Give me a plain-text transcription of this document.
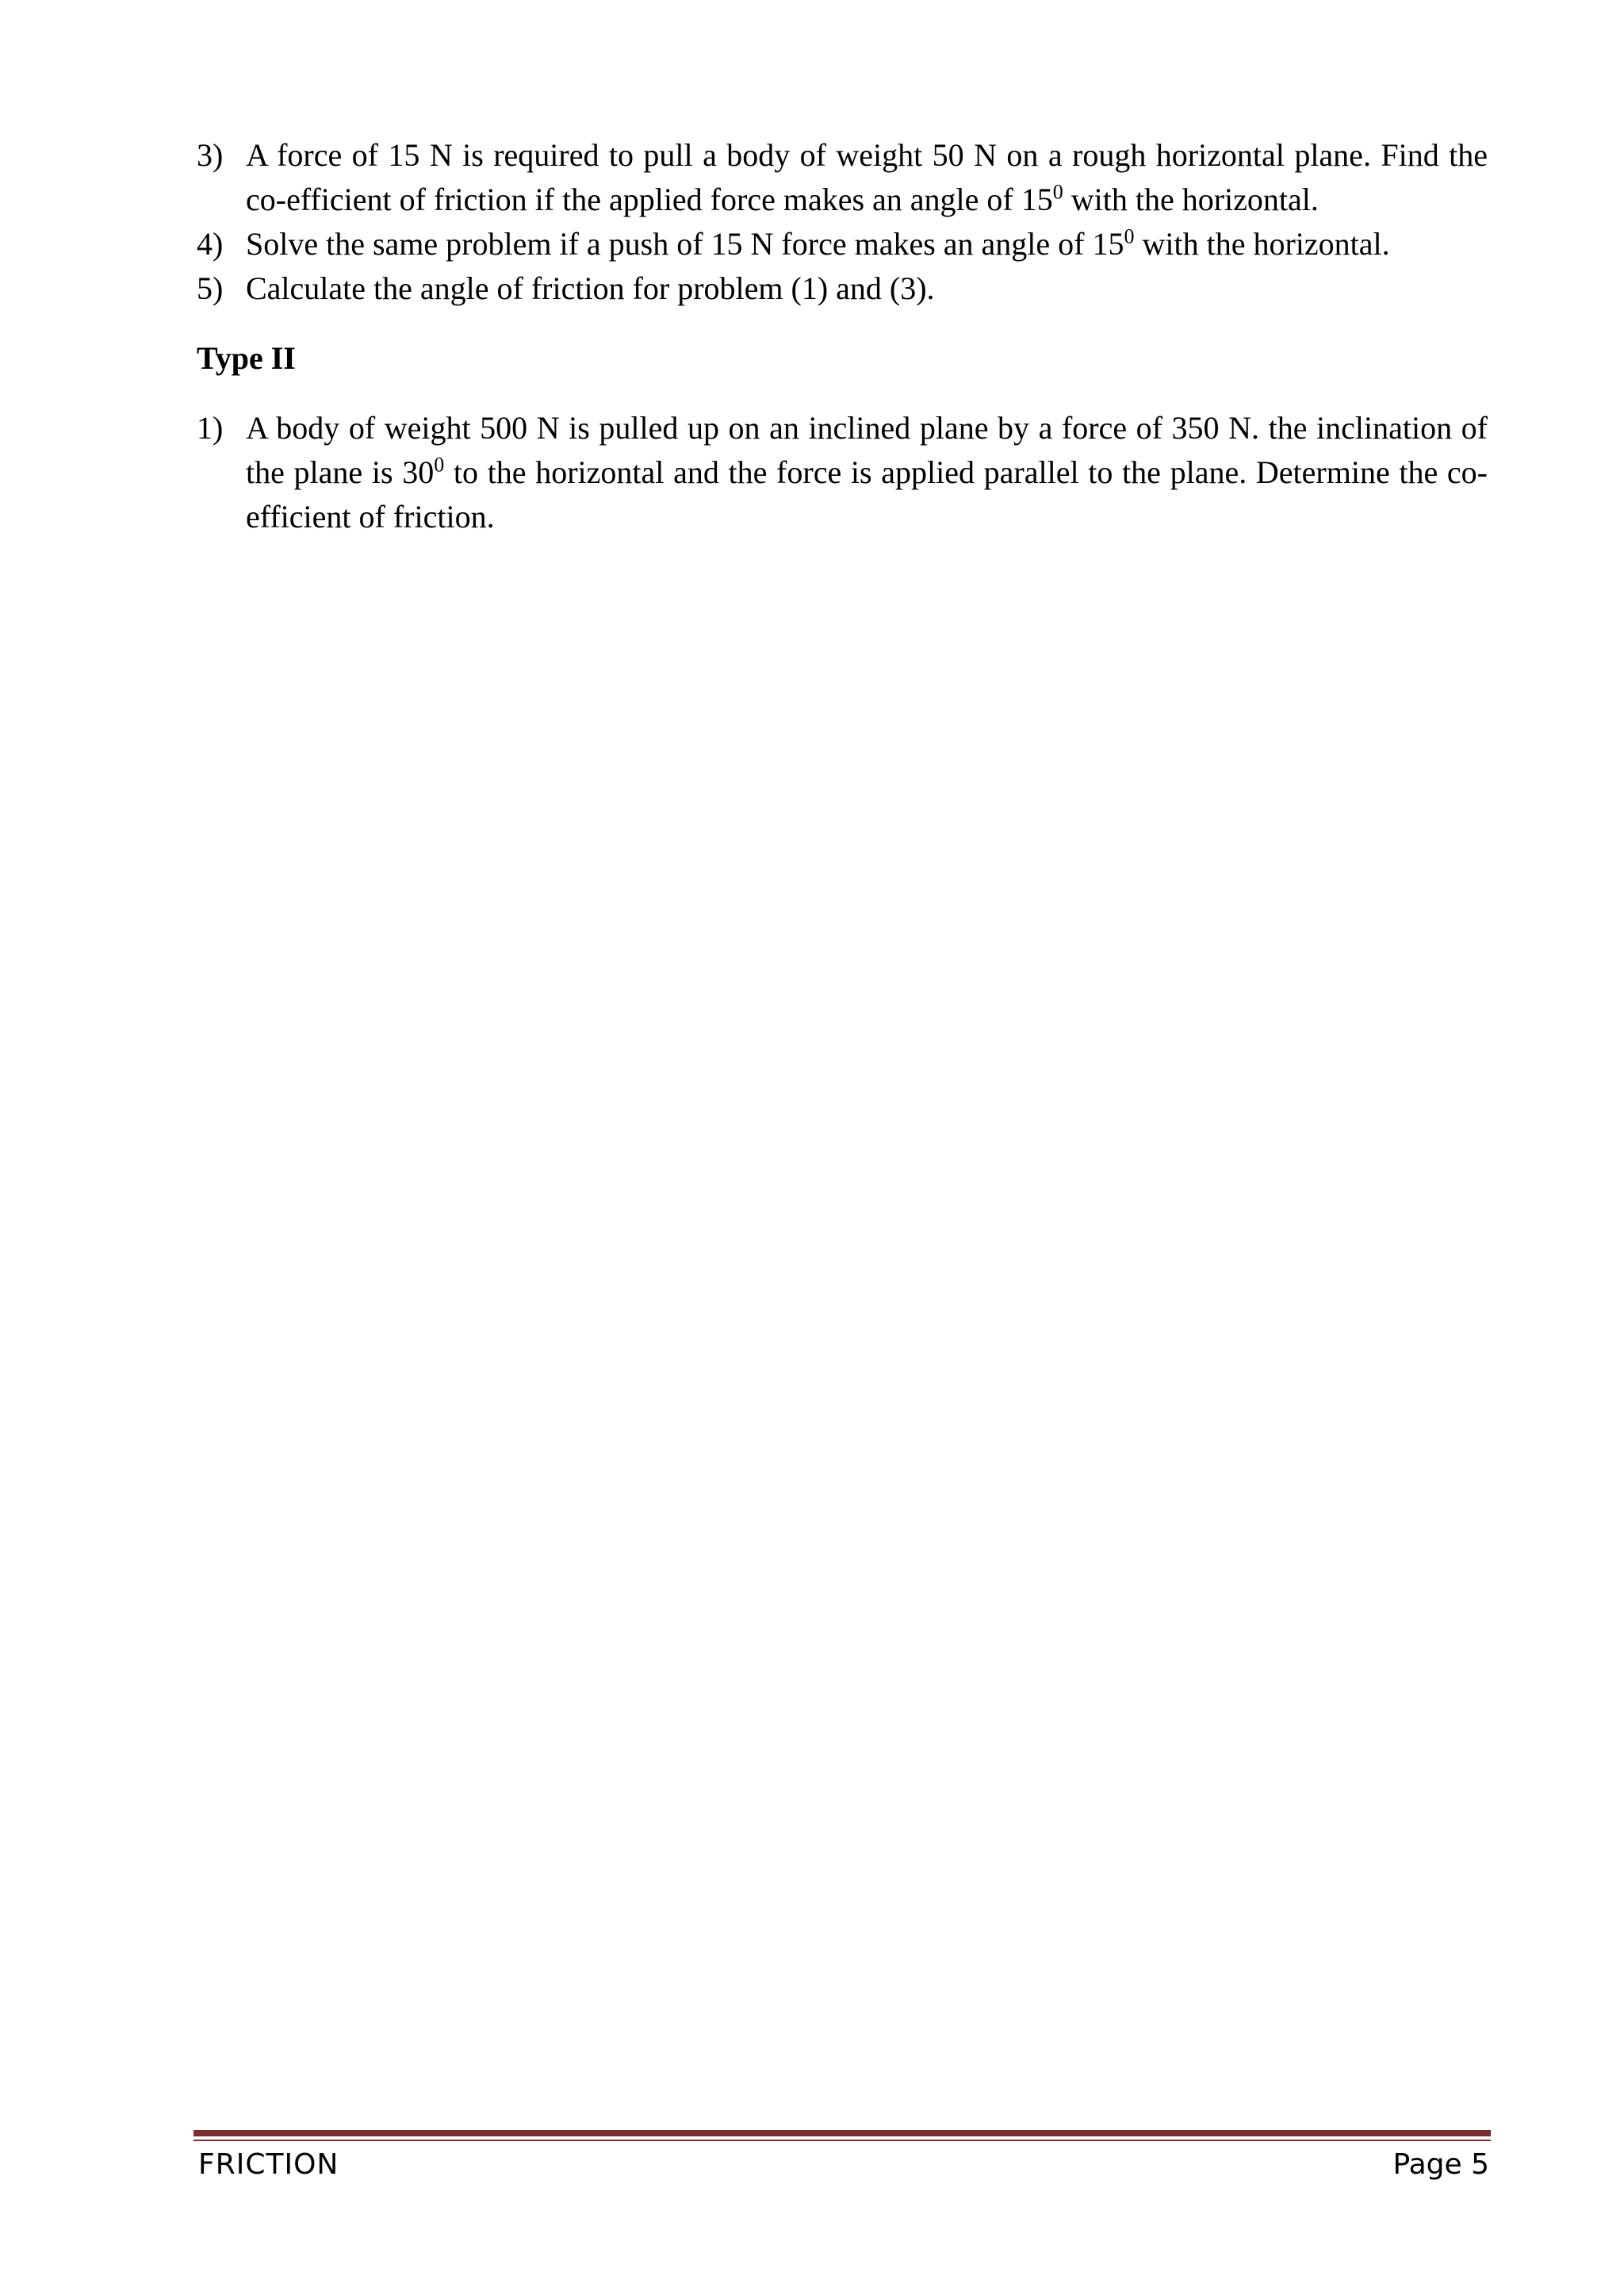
3) A force of 15 N is required to pull a body of weight 50 N on a rough horizontal plane. Find the co-efficient of friction if the applied force makes an angle of $15^0$ with the horizontal.
4) Solve the same problem if a push of 15 N force makes an angle of $15^0$ with the horizontal.
5) Calculate the angle of friction for problem (1) and (3).
Type II
1) A body of weight 500 N is pulled up on an inclined plane by a force of 350 N. the inclination of the plane is $30^0$ to the horizontal and the force is applied parallel to the plane. Determine the co-efficient of friction.
FRICTION	Page 5
